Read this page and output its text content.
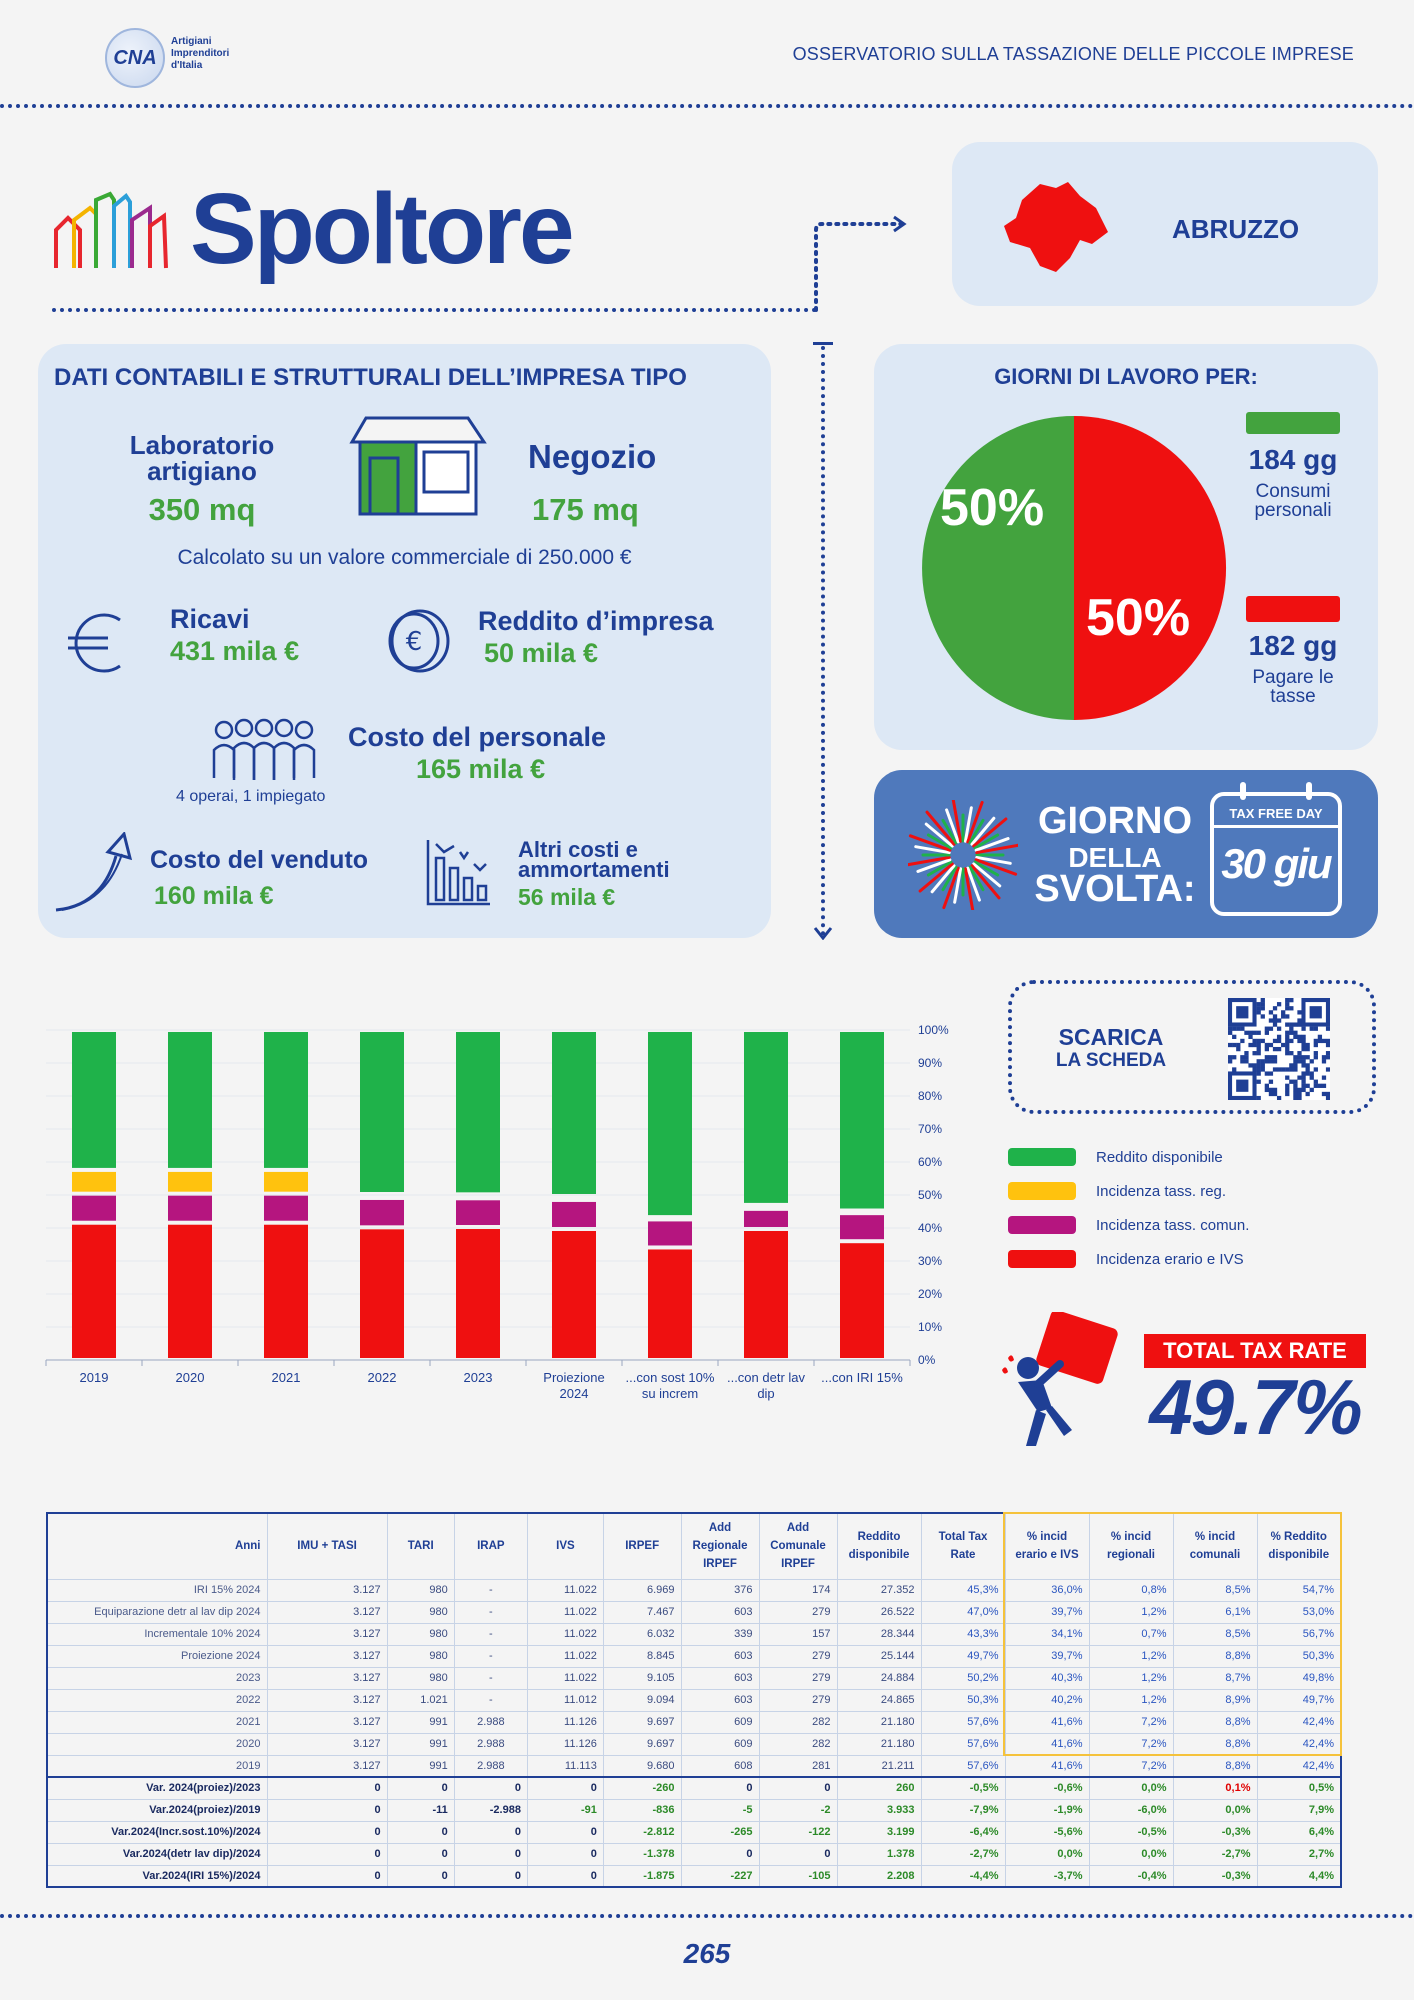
CNA
Artigiani
Imprenditori
d'Italia
OSSERVATORIO SULLA TASSAZIONE DELLE PICCOLE IMPRESE
Spoltore	ABRUZZO
DATI CONTABILI E STRUTTURALI DELL’IMPRESA TIPO
Laboratorio artigiano
350 mq
Negozio
175 mq
Calcolato su un valore commerciale di 250.000 €
Ricavi
431 mila €	€
Reddito d’impresa
50 mila €
4 operai, 1 impiegato
Costo del personale
165 mila €
Costo del venduto
160 mila €
Altri costi e ammortamenti
56 mila €
GIORNI DI LAVORO PER:
50%
50%
184 gg
Consumi personali
182 gg
Pagare le tasse
GIORNO
DELLA
SVOLTA:
TAX FREE DAY
30 giu
SCARICA
LA SCHEDA
0%
10%
20%
30%
40%
50%
60%
70%
80%
90%
100%
2019	2020	2021	2022	2023	Proiezione
2024
...con sost 10%
su increm
...con detr lav
dip
...con IRI 15%
Reddito disponibile
Incidenza tass. reg.
Incidenza tass. comun.
Incidenza erario e IVS
TOTAL TAX RATE
49.7%
Anni	IMU + TASI	TARI	IRAP	IVS	IRPEF	Add Regionale IRPEF	Add Comunale IRPEF	Reddito disponibile	Total Tax Rate	% incid erario e IVS	% incid regionali	% incid comunali	% Reddito disponibile
IRI 15% 2024	3.127	980	-	11.022	6.969	376	174	27.352	45,3%	36,0%	0,8%	8,5%	54,7%
Equiparazione detr al lav dip 2024	3.127	980	-	11.022	7.467	603	279	26.522	47,0%	39,7%	1,2%	6,1%	53,0%
Incrementale 10% 2024	3.127	980	-	11.022	6.032	339	157	28.344	43,3%	34,1%	0,7%	8,5%	56,7%
Proiezione 2024	3.127	980	-	11.022	8.845	603	279	25.144	49,7%	39,7%	1,2%	8,8%	50,3%
2023	3.127	980	-	11.022	9.105	603	279	24.884	50,2%	40,3%	1,2%	8,7%	49,8%
2022	3.127	1.021	-	11.012	9.094	603	279	24.865	50,3%	40,2%	1,2%	8,9%	49,7%
2021	3.127	991	2.988	11.126	9.697	609	282	21.180	57,6%	41,6%	7,2%	8,8%	42,4%
2020	3.127	991	2.988	11.126	9.697	609	282	21.180	57,6%	41,6%	7,2%	8,8%	42,4%
2019	3.127	991	2.988	11.113	9.680	608	281	21.211	57,6%	41,6%	7,2%	8,8%	42,4%
Var. 2024(proiez)/2023	0	0	0	0	-260	0	0	260	-0,5%	-0,6%	0,0%	0,1%	0,5%
Var.2024(proiez)/2019	0	-11	-2.988	-91	-836	-5	-2	3.933	-7,9%	-1,9%	-6,0%	0,0%	7,9%
Var.2024(Incr.sost.10%)/2024	0	0	0	0	-2.812	-265	-122	3.199	-6,4%	-5,6%	-0,5%	-0,3%	6,4%
Var.2024(detr lav dip)/2024	0	0	0	0	-1.378	0	0	1.378	-2,7%	0,0%	0,0%	-2,7%	2,7%
Var.2024(IRI 15%)/2024	0	0	0	0	-1.875	-227	-105	2.208	-4,4%	-3,7%	-0,4%	-0,3%	4,4%
265
